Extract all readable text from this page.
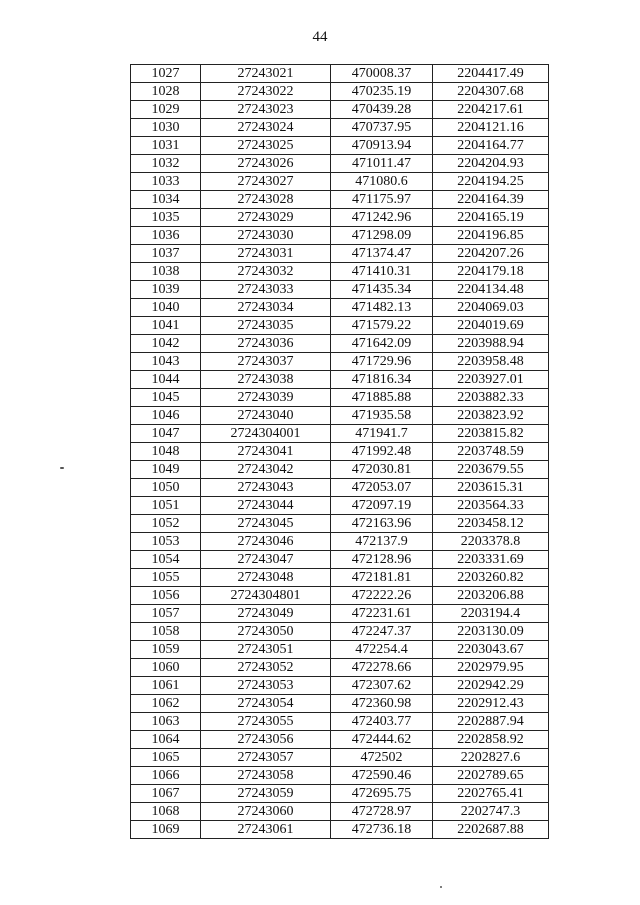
44
1027	27243021	470008.37	2204417.49
1028	27243022	470235.19	2204307.68
1029	27243023	470439.28	2204217.61
1030	27243024	470737.95	2204121.16
1031	27243025	470913.94	2204164.77
1032	27243026	471011.47	2204204.93
1033	27243027	471080.6	2204194.25
1034	27243028	471175.97	2204164.39
1035	27243029	471242.96	2204165.19
1036	27243030	471298.09	2204196.85
1037	27243031	471374.47	2204207.26
1038	27243032	471410.31	2204179.18
1039	27243033	471435.34	2204134.48
1040	27243034	471482.13	2204069.03
1041	27243035	471579.22	2204019.69
1042	27243036	471642.09	2203988.94
1043	27243037	471729.96	2203958.48
1044	27243038	471816.34	2203927.01
1045	27243039	471885.88	2203882.33
1046	27243040	471935.58	2203823.92
1047	2724304001	471941.7	2203815.82
1048	27243041	471992.48	2203748.59
1049	27243042	472030.81	2203679.55
1050	27243043	472053.07	2203615.31
1051	27243044	472097.19	2203564.33
1052	27243045	472163.96	2203458.12
1053	27243046	472137.9	2203378.8
1054	27243047	472128.96	2203331.69
1055	27243048	472181.81	2203260.82
1056	2724304801	472222.26	2203206.88
1057	27243049	472231.61	2203194.4
1058	27243050	472247.37	2203130.09
1059	27243051	472254.4	2203043.67
1060	27243052	472278.66	2202979.95
1061	27243053	472307.62	2202942.29
1062	27243054	472360.98	2202912.43
1063	27243055	472403.77	2202887.94
1064	27243056	472444.62	2202858.92
1065	27243057	472502	2202827.6
1066	27243058	472590.46	2202789.65
1067	27243059	472695.75	2202765.41
1068	27243060	472728.97	2202747.3
1069	27243061	472736.18	2202687.88
